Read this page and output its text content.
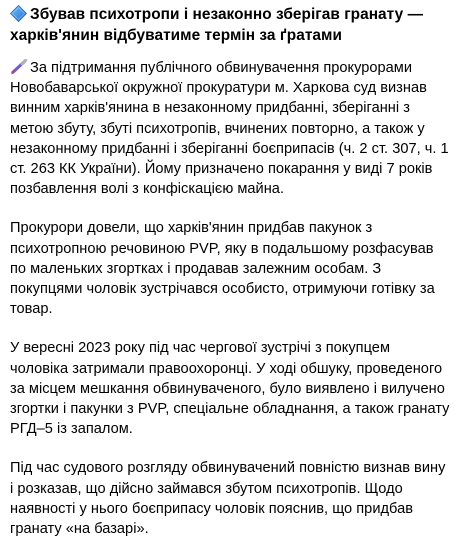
Збував психотропи і незаконно зберігав гранату — харків'янин відбуватиме термін за ґратами
За підтримання публічного обвинувачення прокурорами Новобаварської окружної прокуратури м. Харкова суд визнав винним харків'янина в незаконному придбанні, зберіганні з метою збуту, збуті психотропів, вчинених повторно, а також у незаконному придбанні і зберіганні боєприпасів (ч. 2 ст. 307, ч. 1 ст. 263 КК України). Йому призначено покарання у виді 7 років позбавлення волі з конфіскацією майна.
Прокурори довели, що харків'янин придбав пакунок з психотропною речовиною PVP, яку в подальшому розфасував по маленьких згортках і продавав залежним особам. З покупцями чоловік зустрічався особисто, отримуючи готівку за товар.
У вересні 2023 року під час чергової зустрічі з покупцем чоловіка затримали правоохоронці. У ході обшуку, проведеного за місцем мешкання обвинуваченого, було виявлено і вилучено згортки і пакунки з PVP, спеціальне обладнання, а також гранату РГД–5 із запалом.
Під час судового розгляду обвинувачений повністю визнав вину і розказав, що дійсно займався збутом психотропів. Щодо наявності у нього боєприпасу чоловік пояснив, що придбав гранату «на базарі».
